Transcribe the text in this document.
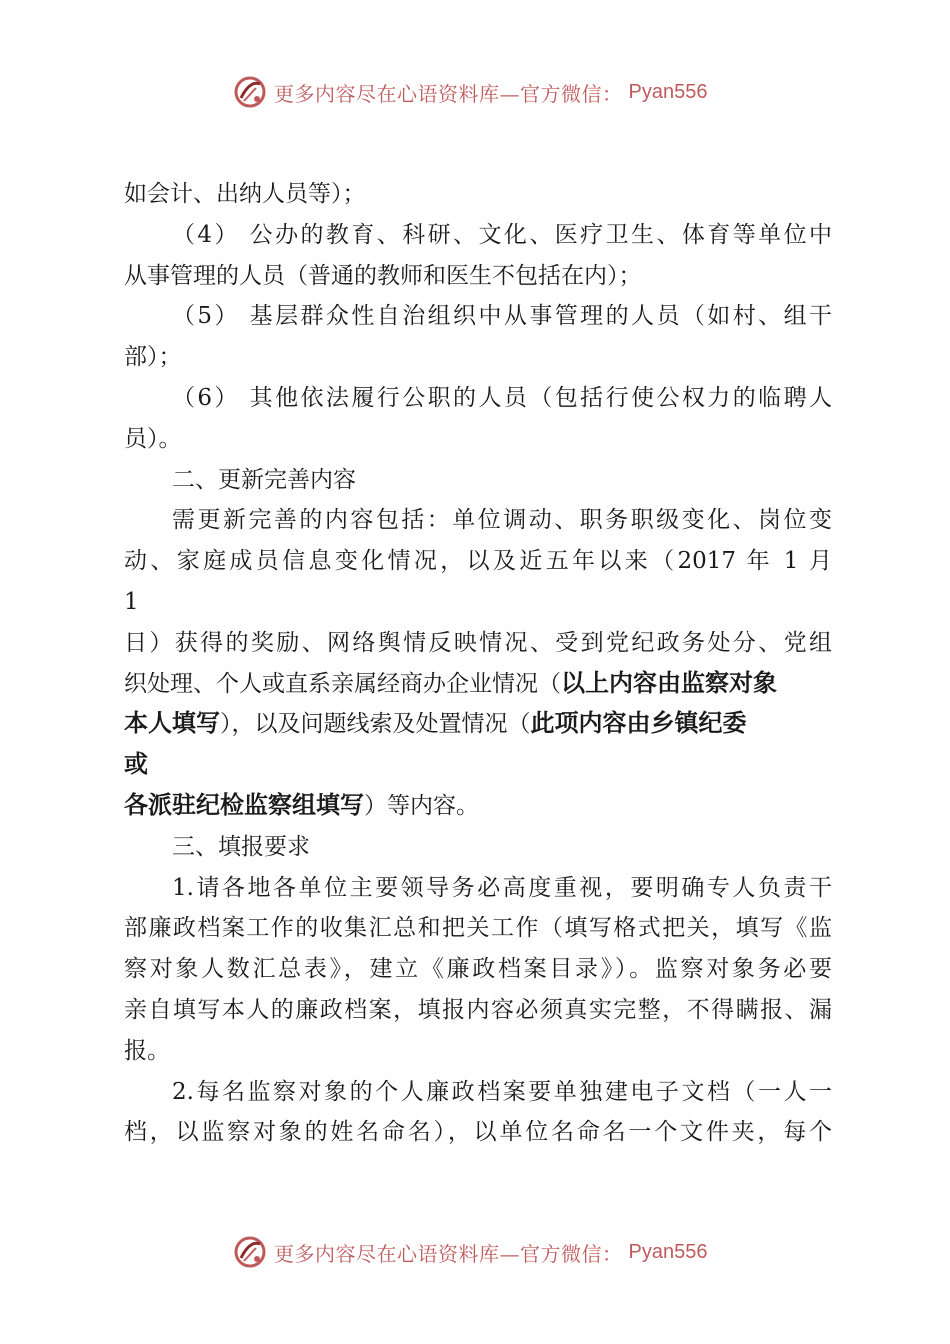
更多内容尽在心语资料库—官方微信： Pyan556
如会计、出纳人员等）；
（4） 公办的教育、科研、文化、医疗卫生、体育等单位中
从事管理的人员（普通的教师和医生不包括在内）；
（5） 基层群众性自治组织中从事管理的人员（如村、组干
部）；
（6） 其他依法履行公职的人员（包括行使公权力的临聘人
员）。
二、更新完善内容
需更新完善的内容包括：单位调动、职务职级变化、岗位变
动、家庭成员信息变化情况，以及近五年以来（2017 年 1 月
1
日）获得的奖励、网络舆情反映情况、受到党纪政务处分、党组
织处理、个人或直系亲属经商办企业情况（以上内容由监察对象
本人填写），以及问题线索及处置情况（此项内容由乡镇纪委
或
各派驻纪检监察组填写）等内容。
三、填报要求
1.请各地各单位主要领导务必高度重视，要明确专人负责干
部廉政档案工作的收集汇总和把关工作（填写格式把关，填写《监
察对象人数汇总表》，建立《廉政档案目录》）。监察对象务必要
亲自填写本人的廉政档案，填报内容必须真实完整，不得瞒报、漏
报。
2.每名监察对象的个人廉政档案要单独建电子文档（一人一
档，以监察对象的姓名命名），以单位名命名一个文件夹，每个
更多内容尽在心语资料库—官方微信： Pyan556
